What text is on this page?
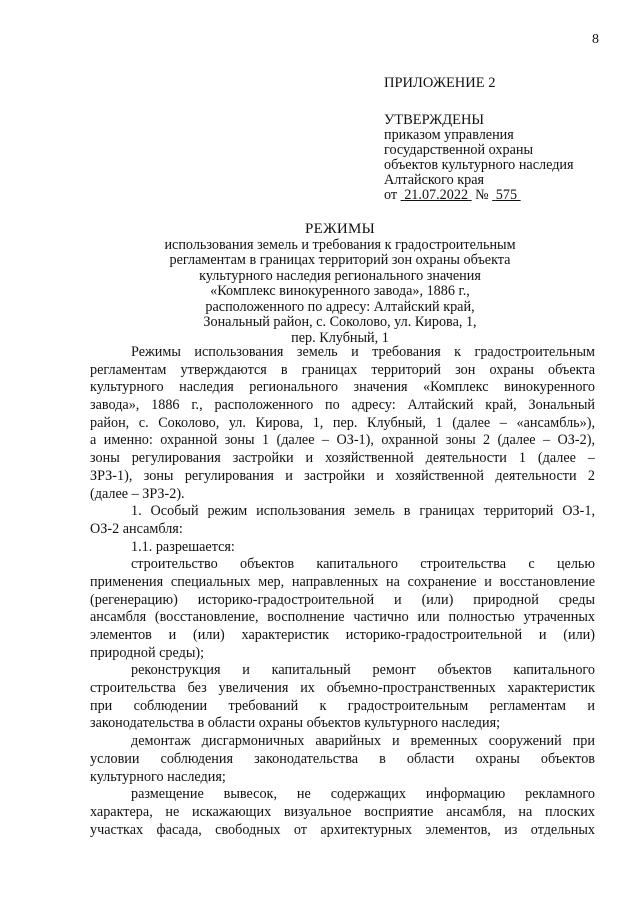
8
ПРИЛОЖЕНИЕ 2
УТВЕРЖДЕНЫ
приказом управления
государственной охраны
объектов культурного наследия
Алтайского края
от 21.07.2022 № 575
РЕЖИМЫ
использования земель и требования к градостроительным
регламентам в границах территорий зон охраны объекта
культурного наследия регионального значения
«Комплекс винокуренного завода», 1886 г.,
расположенного по адресу: Алтайский край,
Зональный район, с. Соколово, ул. Кирова, 1,
пер. Клубный, 1
Режимы использования земель и требования к градостроительным
регламентам утверждаются в границах территорий зон охраны объекта
культурного наследия регионального значения «Комплекс винокуренного
завода», 1886 г., расположенного по адресу: Алтайский край, Зональный
район, с. Соколово, ул. Кирова, 1, пер. Клубный, 1 (далее – «ансамбль»),
а именно: охранной зоны 1 (далее – ОЗ-1), охранной зоны 2 (далее – ОЗ-2),
зоны регулирования застройки и хозяйственной деятельности 1 (далее –
ЗРЗ-1), зоны регулирования и застройки и хозяйственной деятельности 2
(далее – ЗРЗ-2).
1. Особый режим использования земель в границах территорий ОЗ-1,
ОЗ-2 ансамбля:
1.1. разрешается:
строительство объектов капитального строительства с целью
применения специальных мер, направленных на сохранение и восстановление
(регенерацию) историко-градостроительной и (или) природной среды
ансамбля (восстановление, восполнение частично или полностью утраченных
элементов и (или) характеристик историко-градостроительной и (или)
природной среды);
реконструкция и капитальный ремонт объектов капитального
строительства без увеличения их объемно-пространственных характеристик
при соблюдении требований к градостроительным регламентам и
законодательства в области охраны объектов культурного наследия;
демонтаж дисгармоничных аварийных и временных сооружений при
условии соблюдения законодательства в области охраны объектов
культурного наследия;
размещение вывесок, не содержащих информацию рекламного
характера, не искажающих визуальное восприятие ансамбля, на плоских
участках фасада, свободных от архитектурных элементов, из отдельных
